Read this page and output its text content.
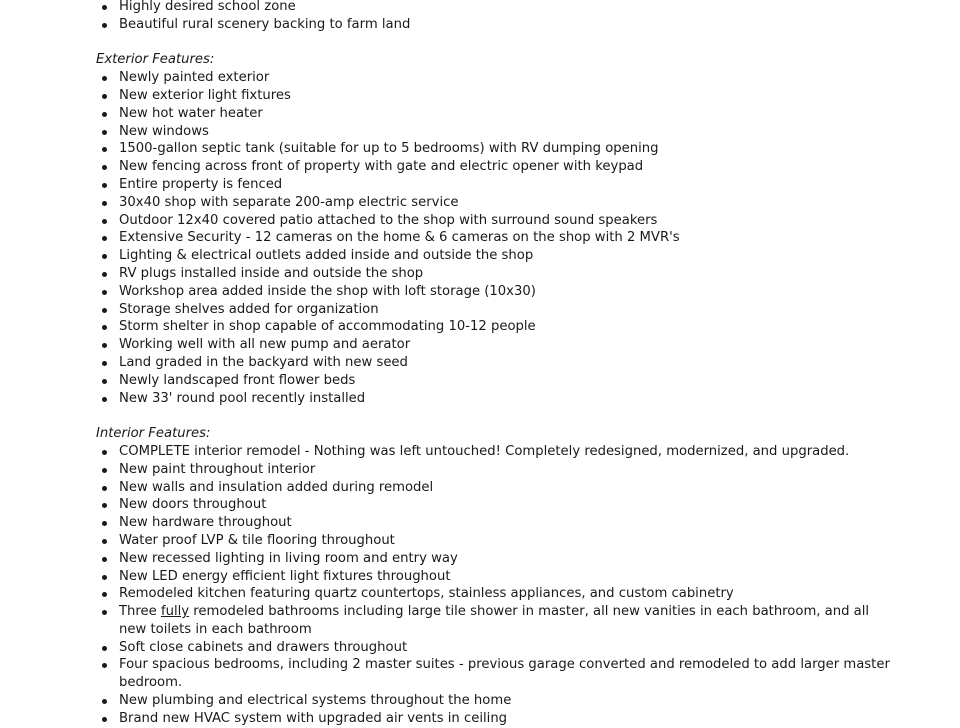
Highly desired school zone
Beautiful rural scenery backing to farm land

Exterior Features:

Newly painted exterior
New exterior light fixtures
New hot water heater
New windows
1500-gallon septic tank (suitable for up to 5 bedrooms) with RV dumping opening
New fencing across front of property with gate and electric opener with keypad
Entire property is fenced
30x40 shop with separate 200-amp electric service
Outdoor 12x40 covered patio attached to the shop with surround sound speakers
Extensive Security - 12 cameras on the home & 6 cameras on the shop with 2 MVR's
Lighting & electrical outlets added inside and outside the shop
RV plugs installed inside and outside the shop
Workshop area added inside the shop with loft storage (10x30)
Storage shelves added for organization
Storm shelter in shop capable of accommodating 10-12 people
Working well with all new pump and aerator
Land graded in the backyard with new seed
Newly landscaped front flower beds
New 33' round pool recently installed

Interior Features:

COMPLETE interior remodel - Nothing was left untouched! Completely redesigned, modernized, and upgraded.
New paint throughout interior
New walls and insulation added during remodel
New doors throughout
New hardware throughout
Water proof LVP & tile flooring throughout
New recessed lighting in living room and entry way
New LED energy efficient light fixtures throughout
Remodeled kitchen featuring quartz countertops, stainless appliances, and custom cabinetry
Three fully remodeled bathrooms including large tile shower in master, all new vanities in each bathroom, and all new toilets in each bathroom
Soft close cabinets and drawers throughout
Four spacious bedrooms, including 2 master suites - previous garage converted and remodeled to add larger master bedroom.
New plumbing and electrical systems throughout the home
Brand new HVAC system with upgraded air vents in ceiling
